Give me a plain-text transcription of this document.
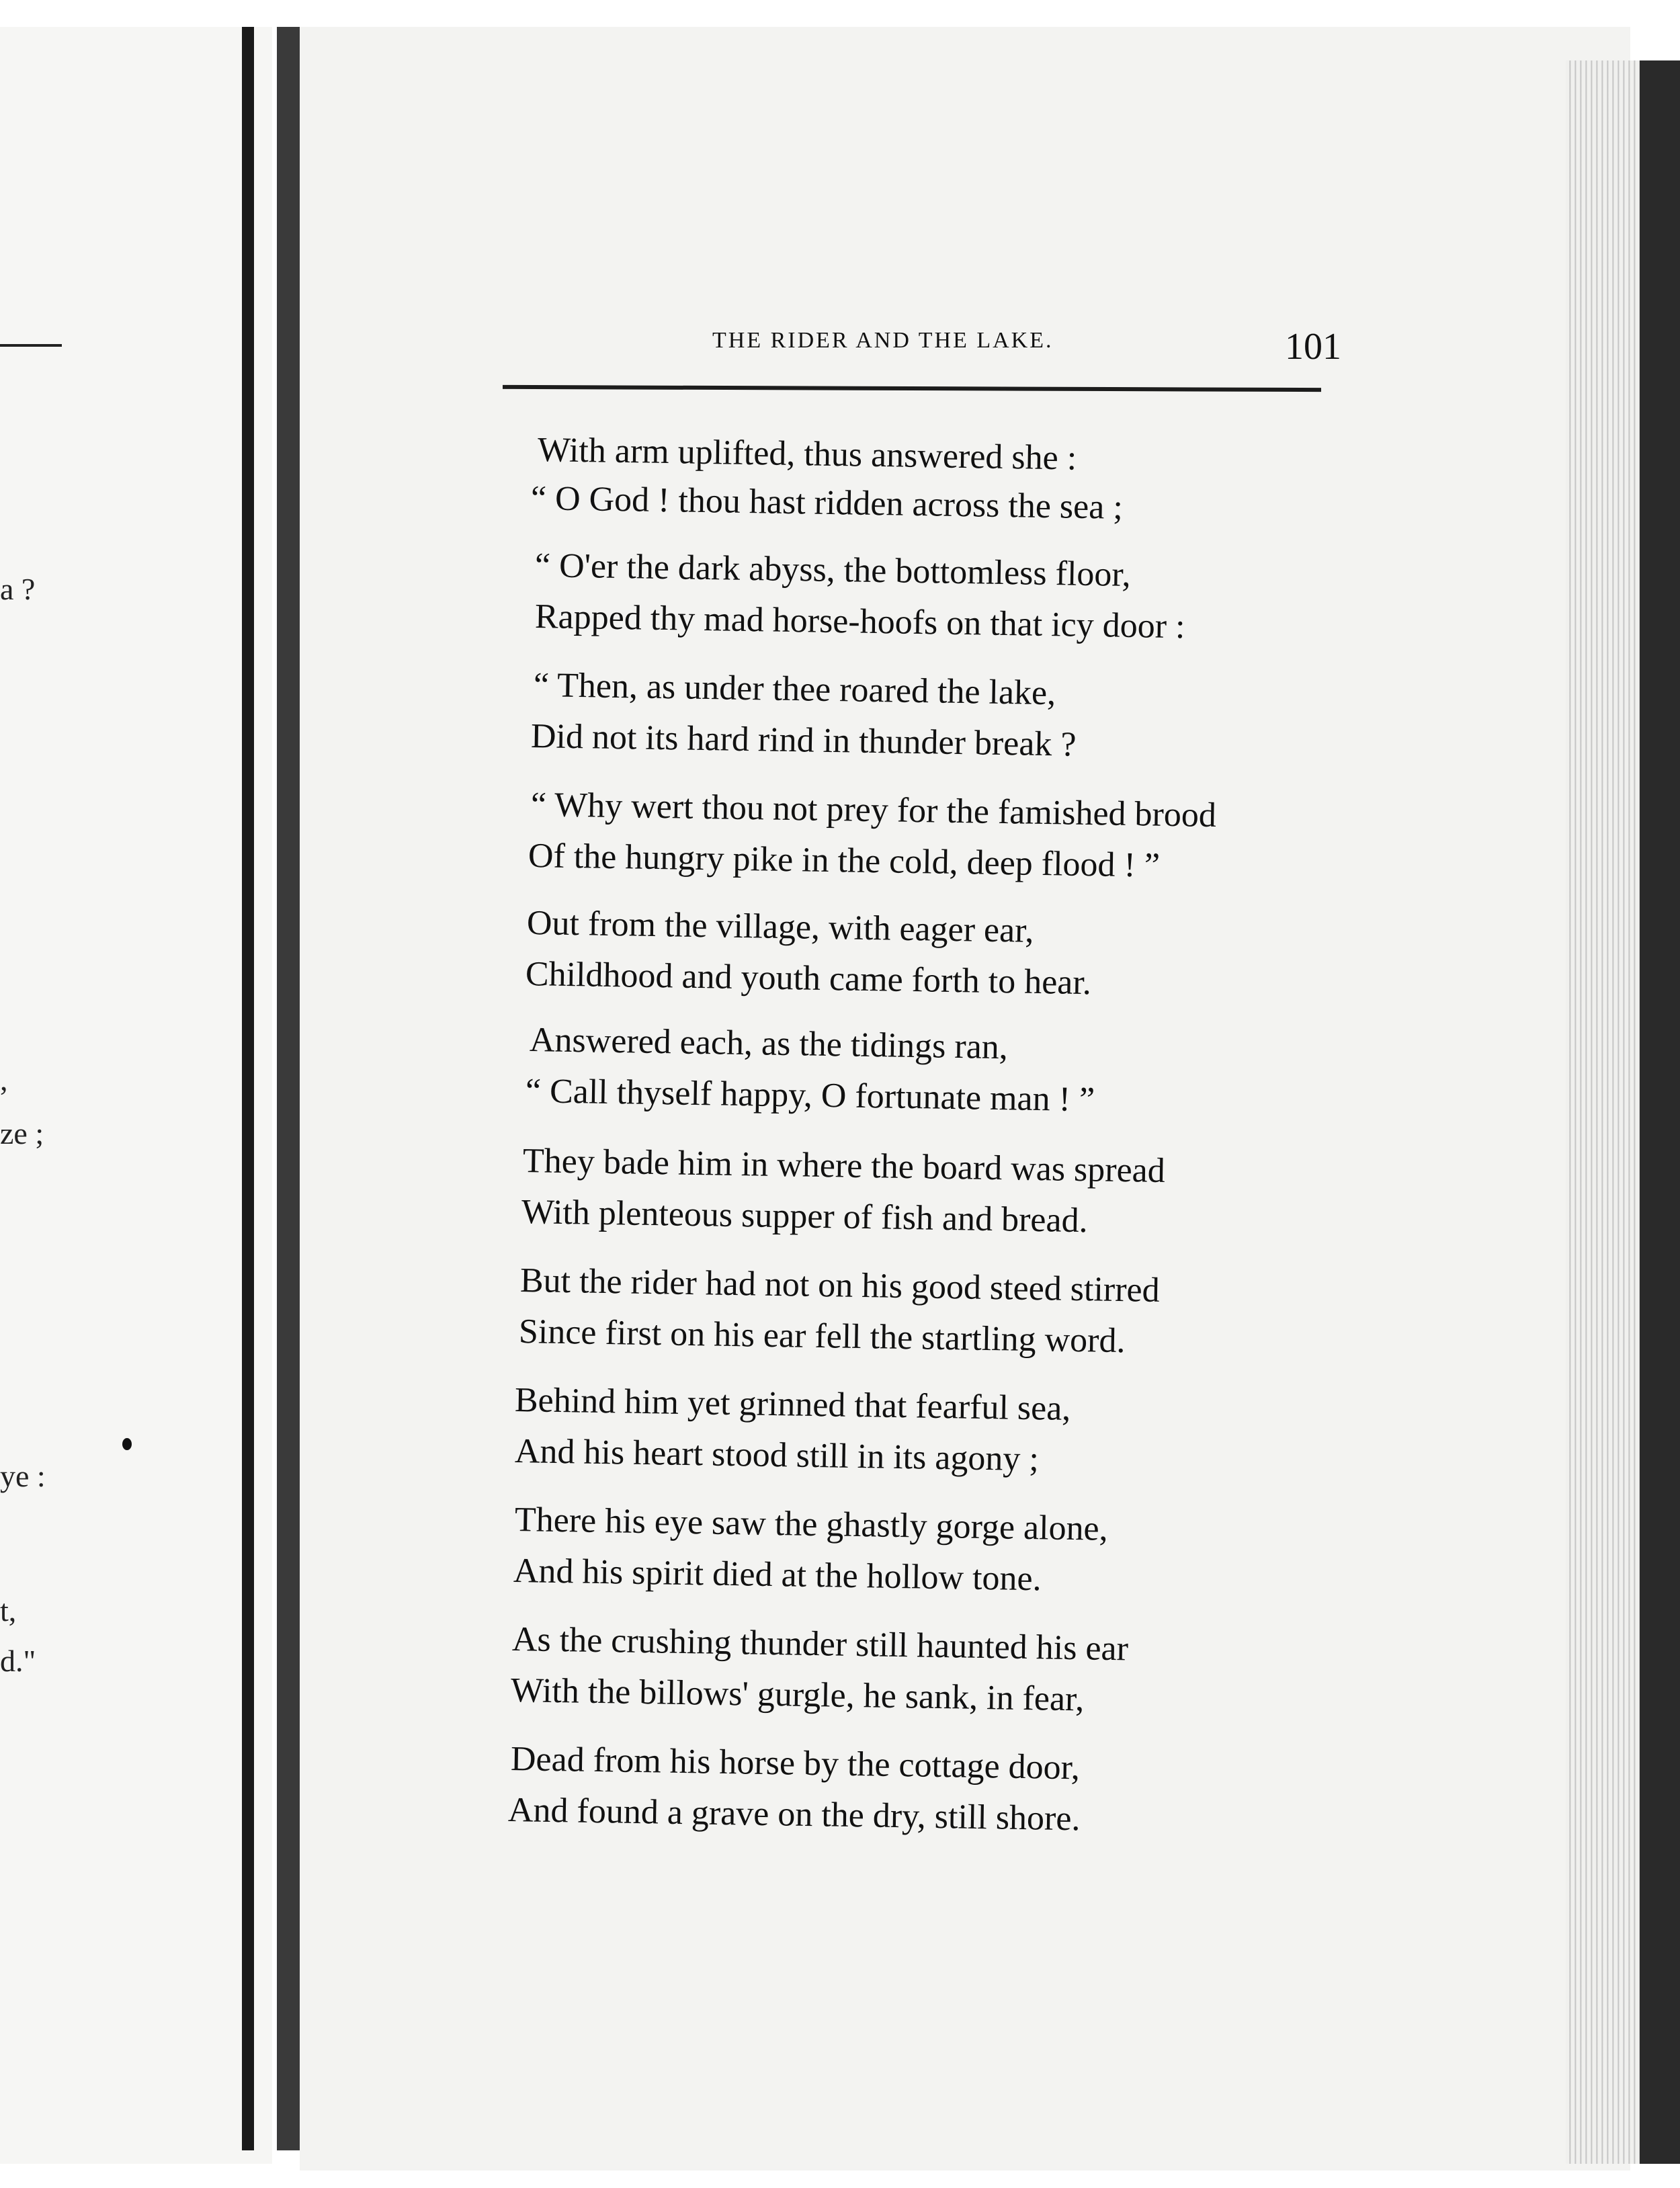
a ?
,
ze ;
ye :
t,
d."
THE RIDER AND THE LAKE.	101
With arm uplifted, thus answered she :
“ O God ! thou hast ridden across the sea ;
“ O'er the dark abyss, the bottomless floor,
Rapped thy mad horse-hoofs on that icy door :
“ Then, as under thee roared the lake,
Did not its hard rind in thunder break ?
“ Why wert thou not prey for the famished brood
Of the hungry pike in the cold, deep flood ! ”
Out from the village, with eager ear,
Childhood and youth came forth to hear.
Answered each, as the tidings ran,
“ Call thyself happy, O fortunate man ! ”
They bade him in where the board was spread
With plenteous supper of fish and bread.
But the rider had not on his good steed stirred
Since first on his ear fell the startling word.
Behind him yet grinned that fearful sea,
And his heart stood still in its agony ;
There his eye saw the ghastly gorge alone,
And his spirit died at the hollow tone.
As the crushing thunder still haunted his ear
With the billows' gurgle, he sank, in fear,
Dead from his horse by the cottage door,
And found a grave on the dry, still shore.
